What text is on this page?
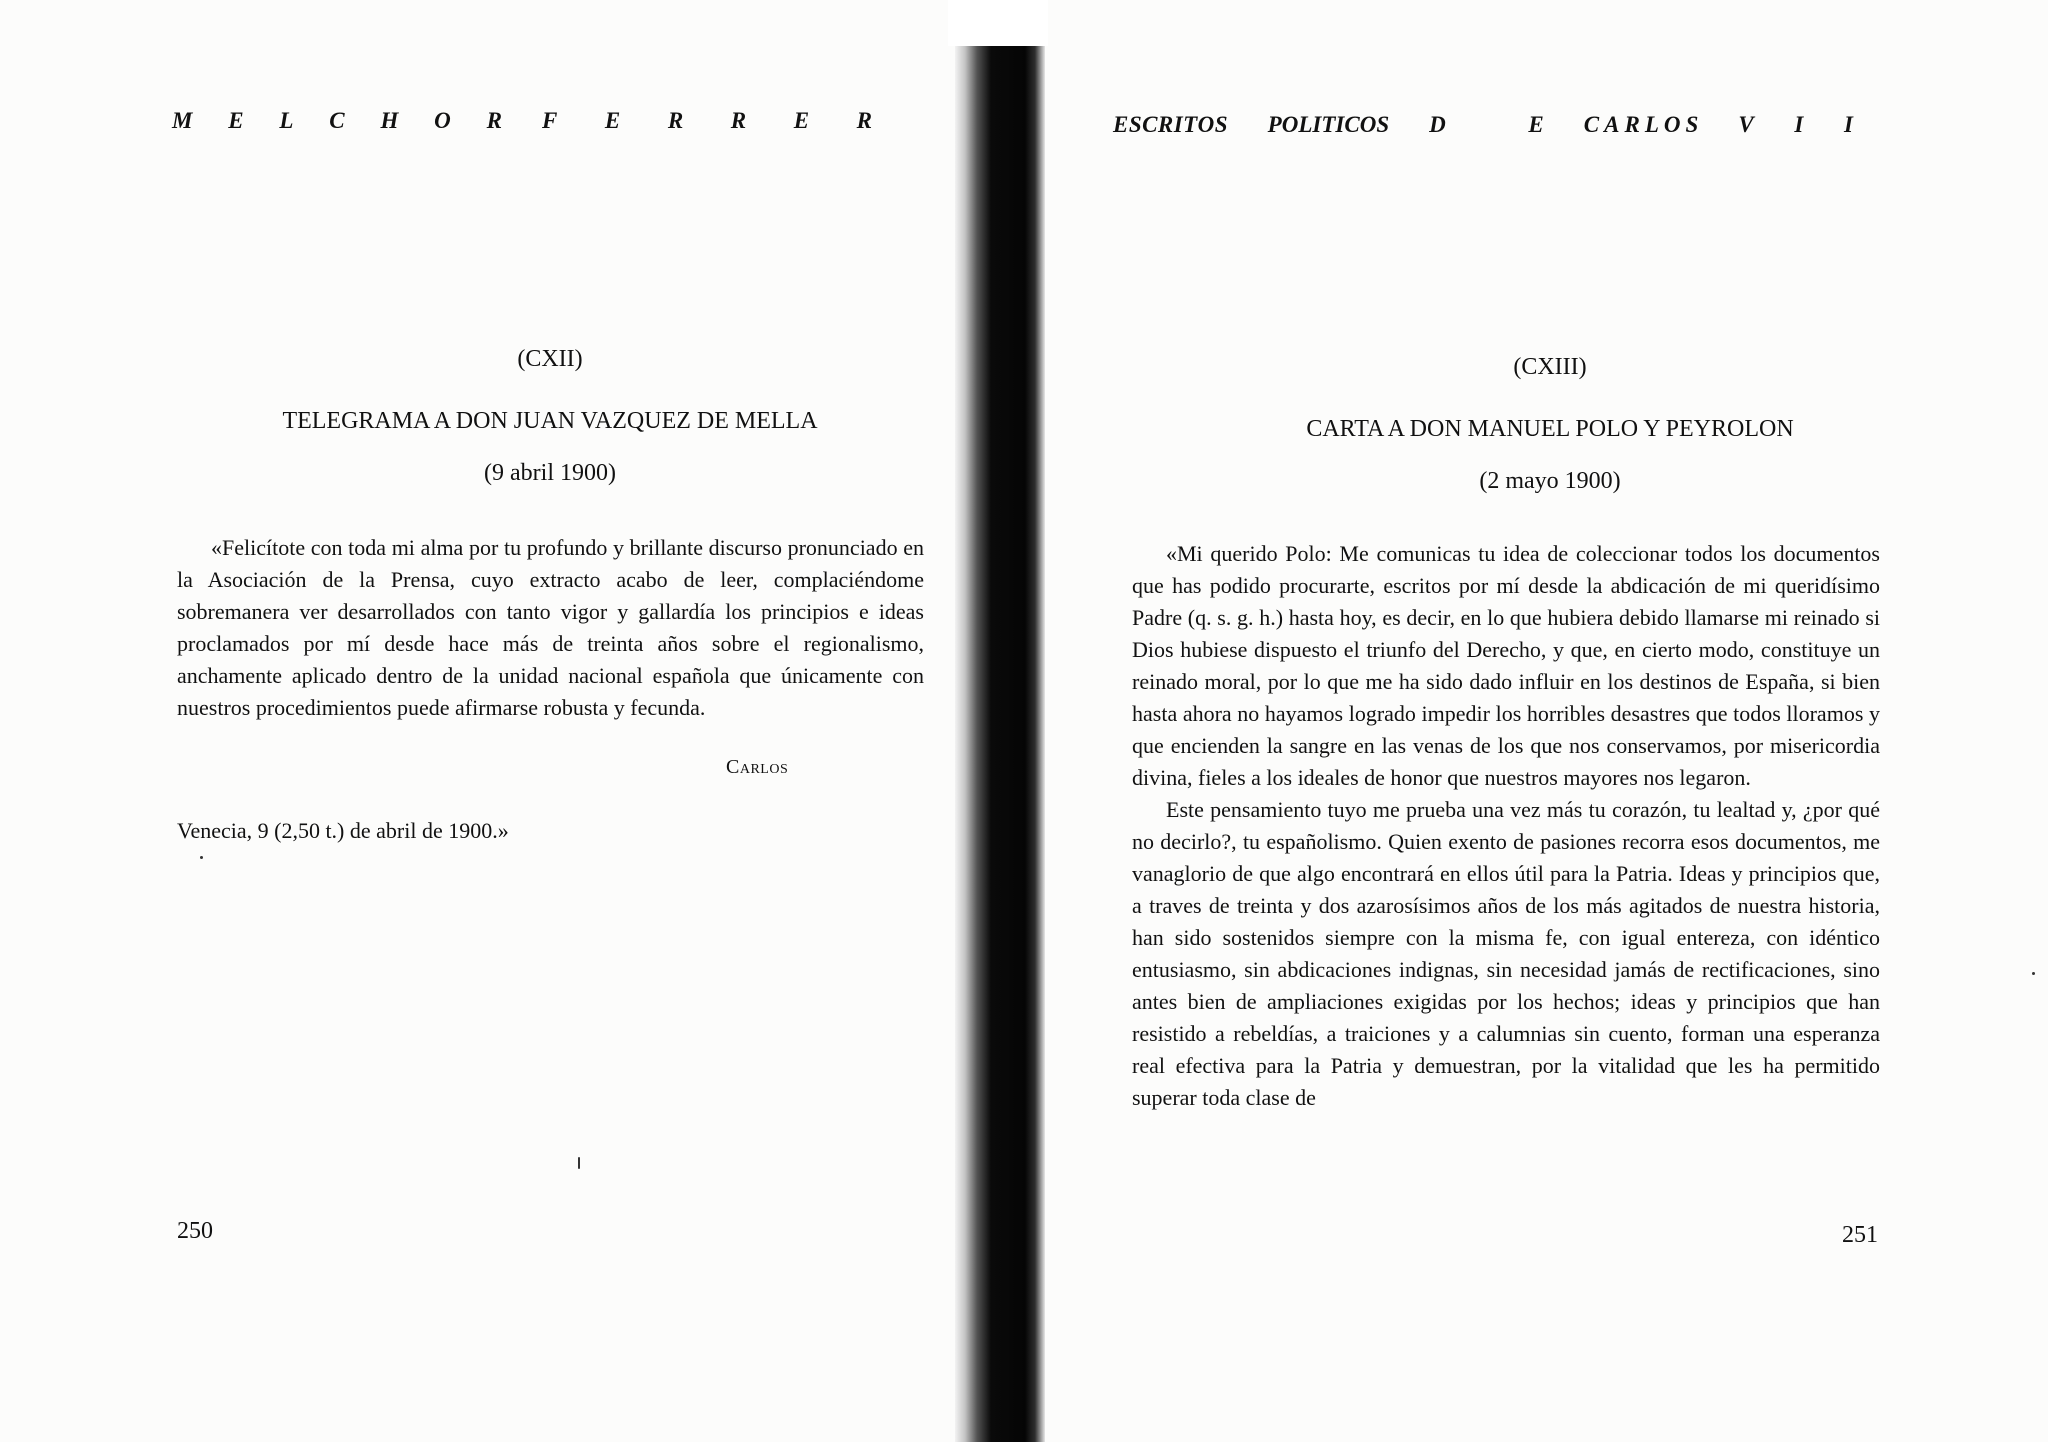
M E L C H O R F E R R E R
(CXII)
TELEGRAMA A DON JUAN VAZQUEZ DE MELLA
(9 abril 1900)

«Felicítote con toda mi alma por tu profundo y brillante discurso pronunciado en la Asociación de la Prensa, cuyo extracto acabo de leer, complaciéndome sobremanera ver desarrollados con tanto vigor y gallardía los principios e ideas proclamados por mí desde hace más de treinta años sobre el regionalismo, anchamente aplicado dentro de la unidad nacional española que únicamente con nuestros procedimientos puede afirmarse robusta y fecunda.

Carlos
Venecia, 9 (2,50 t.) de abril de 1900.»
250
E S C R I T O S P O L I T I C O S D	E C A R L O S V I I
(CXIII)
CARTA A DON MANUEL POLO Y PEYROLON
(2 mayo 1900)

«Mi querido Polo: Me comunicas tu idea de coleccionar todos los documentos que has podido procurarte, escritos por mí desde la abdicación de mi queridísimo Padre (q. s. g. h.) hasta hoy, es decir, en lo que hubiera debido llamarse mi reinado si Dios hubiese dispuesto el triunfo del Derecho, y que, en cierto modo, constituye un reinado moral, por lo que me ha sido dado influir en los destinos de España, si bien hasta ahora no hayamos logrado impedir los horribles desastres que todos lloramos y que encienden la sangre en las venas de los que nos conservamos, por misericordia divina, fieles a los ideales de honor que nuestros mayores nos legaron.

Este pensamiento tuyo me prueba una vez más tu corazón, tu lealtad y, ¿por qué no decirlo?, tu españolismo. Quien exento de pasiones recorra esos documentos, me vanaglorio de que algo encontrará en ellos útil para la Patria. Ideas y principios que, a traves de treinta y dos azarosísimos años de los más agitados de nuestra historia, han sido sostenidos siempre con la misma fe, con igual entereza, con idéntico entusiasmo, sin abdicaciones indignas, sin necesidad jamás de rectificaciones, sino antes bien de ampliaciones exigidas por los hechos; ideas y principios que han resistido a rebeldías, a traiciones y a calumnias sin cuento, forman una esperanza real efectiva para la Patria y demuestran, por la vitalidad que les ha permitido superar toda clase de

251
